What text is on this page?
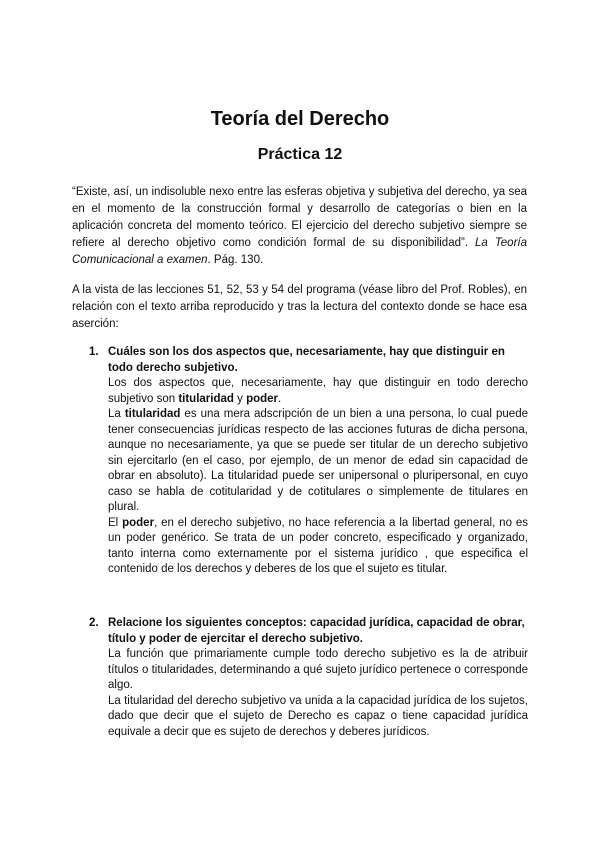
Teoría del Derecho
Práctica 12
“Existe, así, un indisoluble nexo entre las esferas objetiva y subjetiva del derecho, ya sea en el momento de la construcción formal y desarrollo de categorías o bien en la aplicación concreta del momento teórico. El ejercicio del derecho subjetivo siempre se refiere al derecho objetivo como condición formal de su disponibilidad”. La Teoría Comunicacional a examen. Pág. 130.
A la vista de las lecciones 51, 52, 53 y 54 del programa (véase libro del Prof. Robles), en relación con el texto arriba reproducido y tras la lectura del contexto donde se hace esa aserción:
1. Cuáles son los dos aspectos que, necesariamente, hay que distinguir en todo derecho subjetivo.

Los dos aspectos que, necesariamente, hay que distinguir en todo derecho subjetivo son titularidad y poder.

La titularidad es una mera adscripción de un bien a una persona, lo cual puede tener consecuencias jurídicas respecto de las acciones futuras de dicha persona, aunque no necesariamente, ya que se puede ser titular de un derecho subjetivo sin ejercitarlo (en el caso, por ejemplo, de un menor de edad sin capacidad de obrar en absoluto). La titularidad puede ser unipersonal o pluripersonal, en cuyo caso se habla de cotitularidad y de cotitulares o simplemente de titulares en plural.

El poder, en el derecho subjetivo, no hace referencia a la libertad general, no es un poder genérico. Se trata de un poder concreto, especificado y organizado, tanto interna como externamente por el sistema jurídico , que especifica el contenido de los derechos y deberes de los que el sujeto es titular.

2. Relacione los siguientes conceptos: capacidad jurídica, capacidad de obrar, título y poder de ejercitar el derecho subjetivo.

La función que primariamente cumple todo derecho subjetivo es la de atribuir títulos o titularidades, determinando a qué sujeto jurídico pertenece o corresponde algo.

La titularidad del derecho subjetivo va unida a la capacidad jurídica de los sujetos, dado que decir que el sujeto de Derecho es capaz o tiene capacidad jurídica equivale a decir que es sujeto de derechos y deberes jurídicos.
